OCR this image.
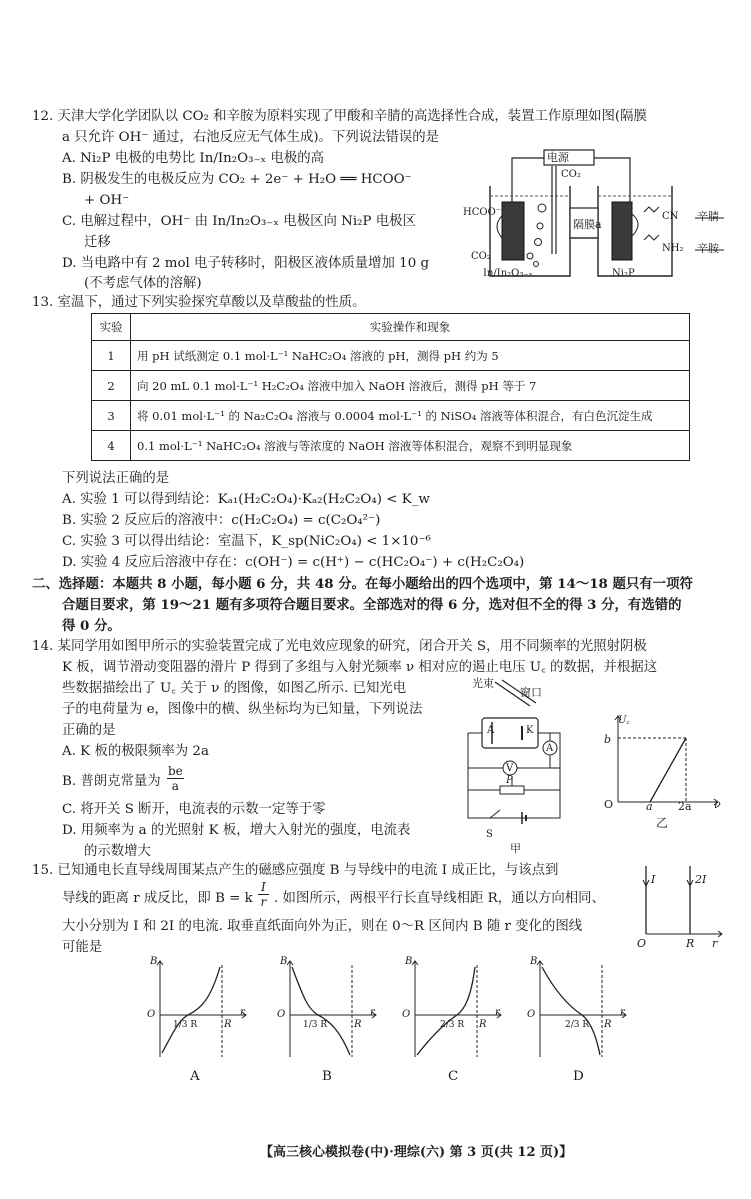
12. 天津大学化学团队以 CO₂ 和辛胺为原料实现了甲酸和辛腈的高选择性合成，装置工作原理如图(隔膜
a 只允许 OH⁻ 通过，右池反应无气体生成)。下列说法错误的是
A. Ni₂P 电极的电势比 In/In₂O₃₋ₓ 电极的高
B. 阴极发生的电极反应为 CO₂ + 2e⁻ + H₂O ══ HCOO⁻
+ OH⁻
C. 电解过程中，OH⁻ 由 In/In₂O₃₋ₓ 电极区向 Ni₂P 电极区
迁移
D. 当电路中有 2 mol 电子转移时，阳极区液体质量增加 10 g
(不考虑气体的溶解)
电源
CO₂
HCOO⁻
CO₂
隔膜a
In/In₂O₃₋ₓ	Ni₂P
CN
NH₂
辛腈
辛胺
13. 室温下，通过下列实验探究草酸以及草酸盐的性质。
实验	实验操作和现象
1	用 pH 试纸测定 0.1 mol·L⁻¹ NaHC₂O₄ 溶液的 pH，测得 pH 约为 5
2	向 20 mL 0.1 mol·L⁻¹ H₂C₂O₄ 溶液中加入 NaOH 溶液后，测得 pH 等于 7
3	将 0.01 mol·L⁻¹ 的 Na₂C₂O₄ 溶液与 0.0004 mol·L⁻¹ 的 NiSO₄ 溶液等体积混合，有白色沉淀生成
4	0.1 mol·L⁻¹ NaHC₂O₄ 溶液与等浓度的 NaOH 溶液等体积混合，观察不到明显现象
下列说法正确的是
A. 实验 1 可以得到结论：Kₐ₁(H₂C₂O₄)·Kₐ₂(H₂C₂O₄) < K_w
B. 实验 2 反应后的溶液中：c(H₂C₂O₄) = c(C₂O₄²⁻)
C. 实验 3 可以得出结论：室温下，K_sp(NiC₂O₄) < 1×10⁻⁶
D. 实验 4 反应后溶液中存在：c(OH⁻) = c(H⁺) − c(HC₂O₄⁻) + c(H₂C₂O₄)
二、选择题：本题共 8 小题，每小题 6 分，共 48 分。在每小题给出的四个选项中，第 14～18 题只有一项符
合题目要求，第 19～21 题有多项符合题目要求。全部选对的得 6 分，选对但不全的得 3 分，有选错的
得 0 分。
14. 某同学用如图甲所示的实验装置完成了光电效应现象的研究，闭合开关 S，用不同频率的光照射阴极
K 板，调节滑动变阻器的滑片 P 得到了多组与入射光频率 ν 相对应的遏止电压 U꜀ 的数据，并根据这
些数据描绘出了 U꜀ 关于 ν 的图像，如图乙所示. 已知光电
子的电荷量为 e，图像中的横、纵坐标均为已知量，下列说法
正确的是
A. K 板的极限频率为 2a
B. 普朗克常量为 $\frac{be}{a}$
C. 将开关 S 断开，电流表的示数一定等于零
D. 用频率为 a 的光照射 K 板，增大入射光的强度，电流表
的示数增大
光束
窗口
A	K
A
V
P
S
甲
U꜀
b
O	a 2a ν
乙
15. 已知通电长直导线周围某点产生的磁感应强度 B 与导线中的电流 I 成正比，与该点到
导线的距离 r 成反比，即 B = k $\frac{I}{r}$ . 如图所示，两根平行长直导线相距 R，通以方向相同、
大小分别为 I 和 2I 的电流. 取垂直纸面向外为正，则在 0～R 区间内 B 随 r 变化的图线
可能是
I	2I
O	R r
B
O
1/3 R	R
r
A
B
O
1/3 R	R
r
B
B
O
2/3 R R
r
C
B
O
2/3 R R
r
D
【高三核心模拟卷(中)·理综(六) 第 3 页(共 12 页)】
